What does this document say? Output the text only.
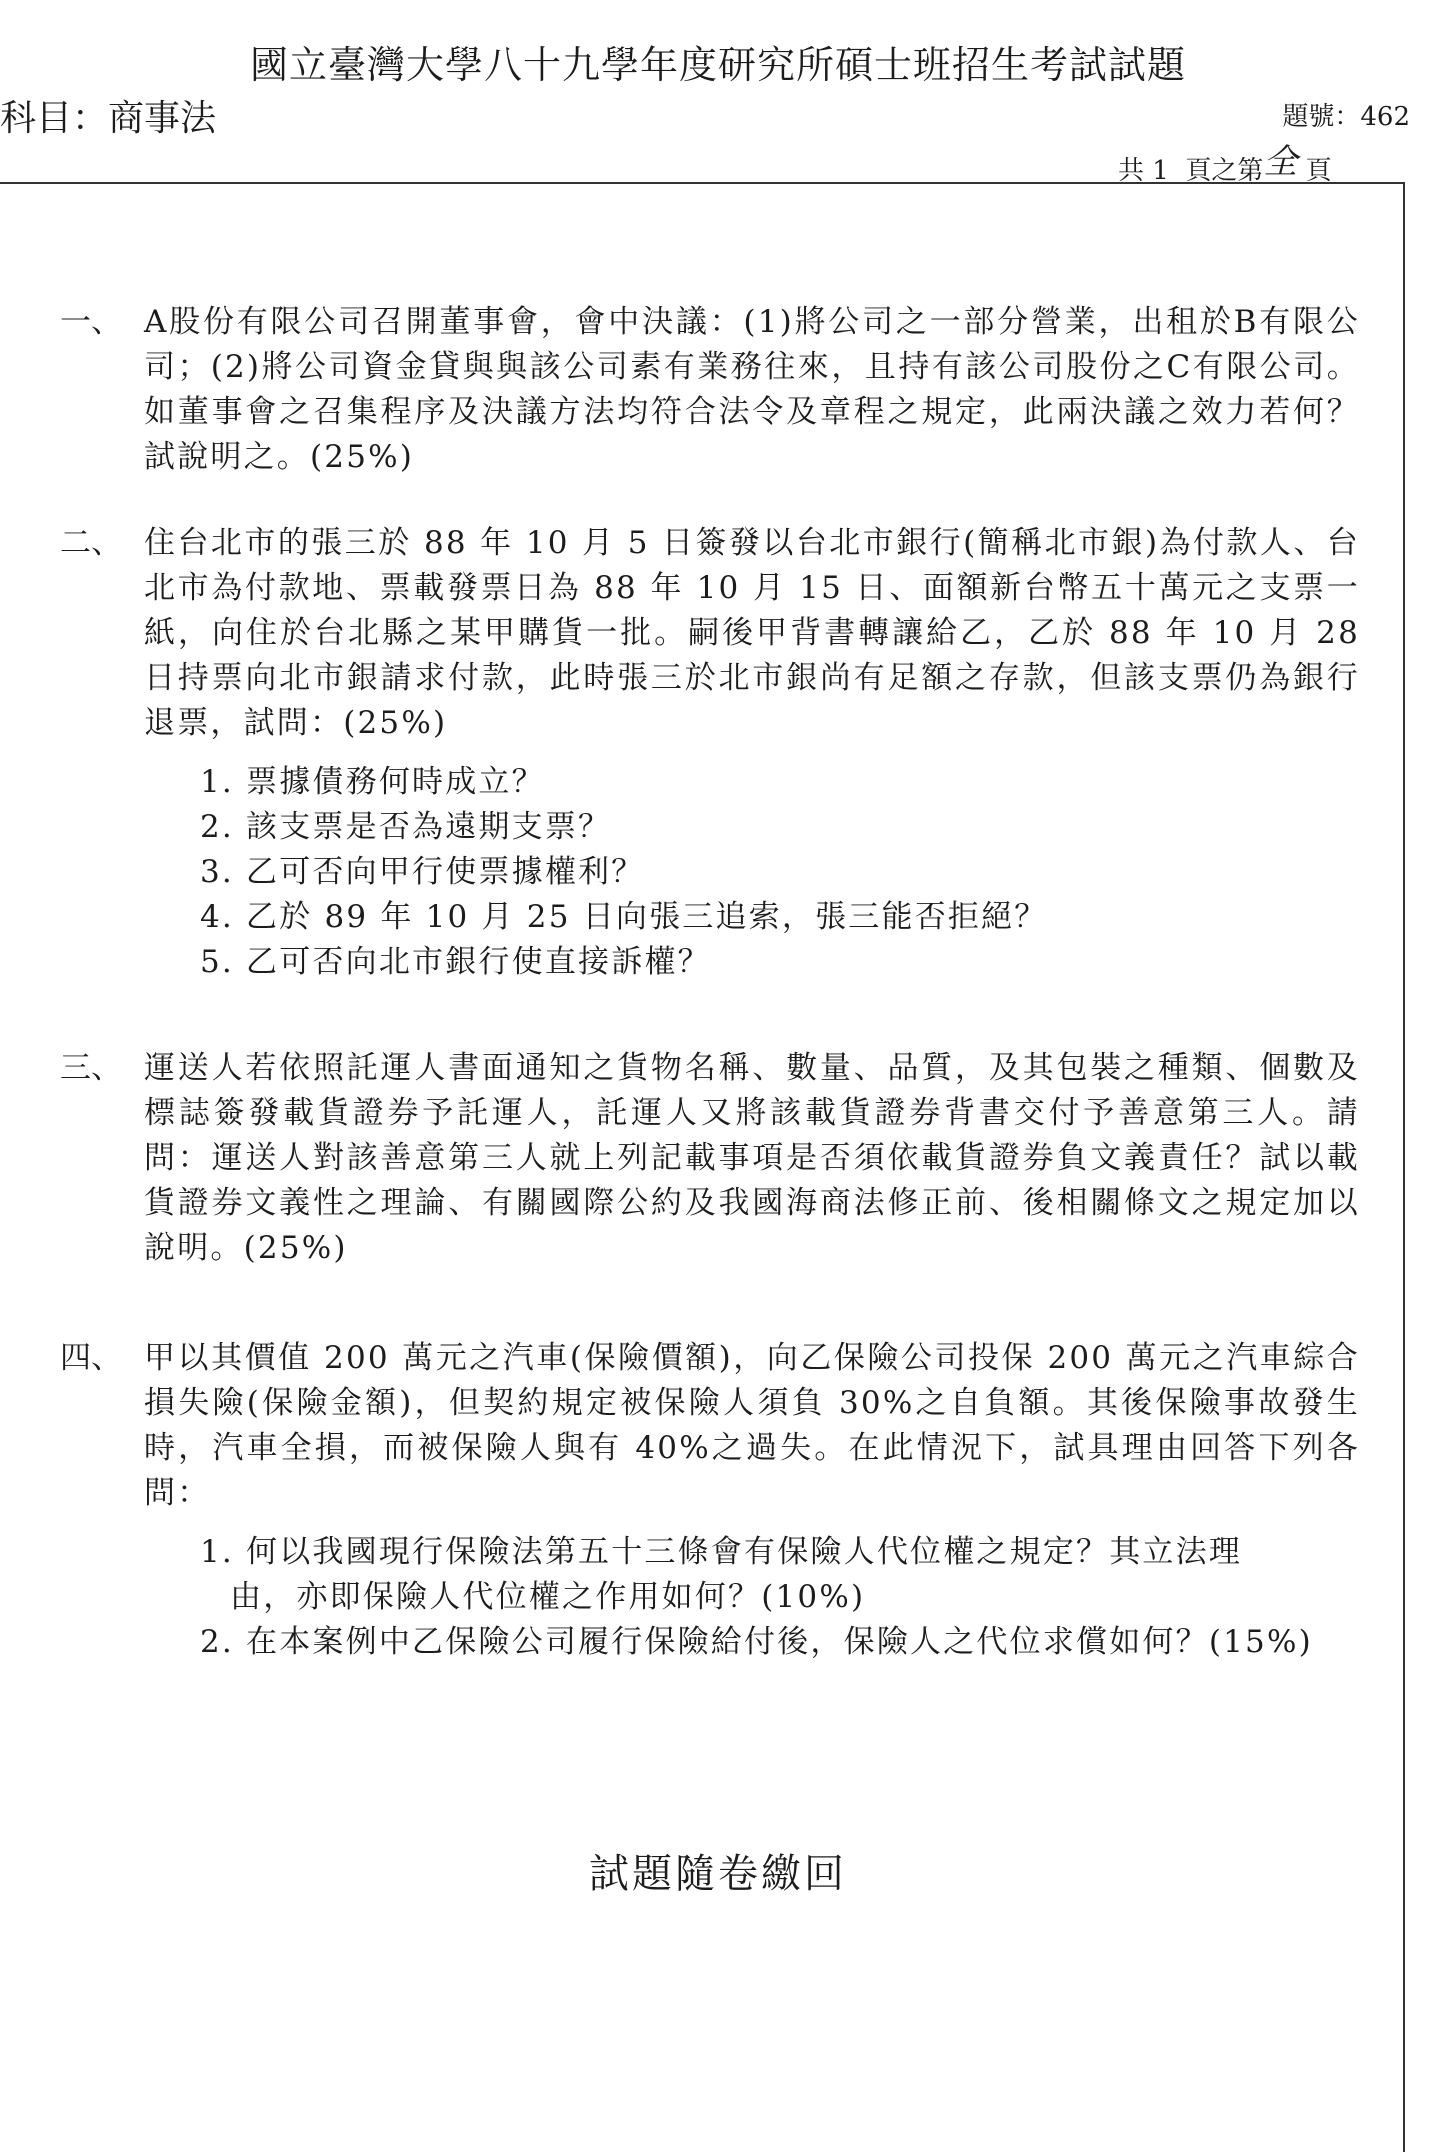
國立臺灣大學八十九學年度研究所碩士班招生考試試題
科目：商事法	題號：462
共 1  頁之第全 頁
一、 A股份有限公司召開董事會，會中決議：(1)將公司之一部分營業，出租於B有限公司；(2)將公司資金貸與與該公司素有業務往來，且持有該公司股份之C有限公司。如董事會之召集程序及決議方法均符合法令及章程之規定，此兩決議之效力若何？試說明之。(25%)
二、 住台北市的張三於 88 年 10 月 5 日簽發以台北市銀行(簡稱北市銀)為付款人、台北市為付款地、票載發票日為 88 年 10 月 15 日、面額新台幣五十萬元之支票一紙，向住於台北縣之某甲購貨一批。嗣後甲背書轉讓給乙，乙於 88 年 10 月 28 日持票向北市銀請求付款，此時張三於北市銀尚有足額之存款，但該支票仍為銀行退票，試問：(25%)
1. 票據債務何時成立？
2. 該支票是否為遠期支票？
3. 乙可否向甲行使票據權利？
4. 乙於 89 年 10 月 25 日向張三追索，張三能否拒絕？
5. 乙可否向北市銀行使直接訴權？
三、 運送人若依照託運人書面通知之貨物名稱、數量、品質，及其包裝之種類、個數及標誌簽發載貨證券予託運人，託運人又將該載貨證券背書交付予善意第三人。請問：運送人對該善意第三人就上列記載事項是否須依載貨證券負文義責任？試以載貨證券文義性之理論、有關國際公約及我國海商法修正前、後相關條文之規定加以說明。(25%)
四、 甲以其價值 200 萬元之汽車(保險價額)，向乙保險公司投保 200 萬元之汽車綜合損失險(保險金額)，但契約規定被保險人須負 30%之自負額。其後保險事故發生時，汽車全損，而被保險人與有 40%之過失。在此情況下，試具理由回答下列各問：
1. 何以我國現行保險法第五十三條會有保險人代位權之規定？其立法理
由，亦即保險人代位權之作用如何？(10%)
2. 在本案例中乙保險公司履行保險給付後，保險人之代位求償如何？(15%)
試題隨卷繳回
